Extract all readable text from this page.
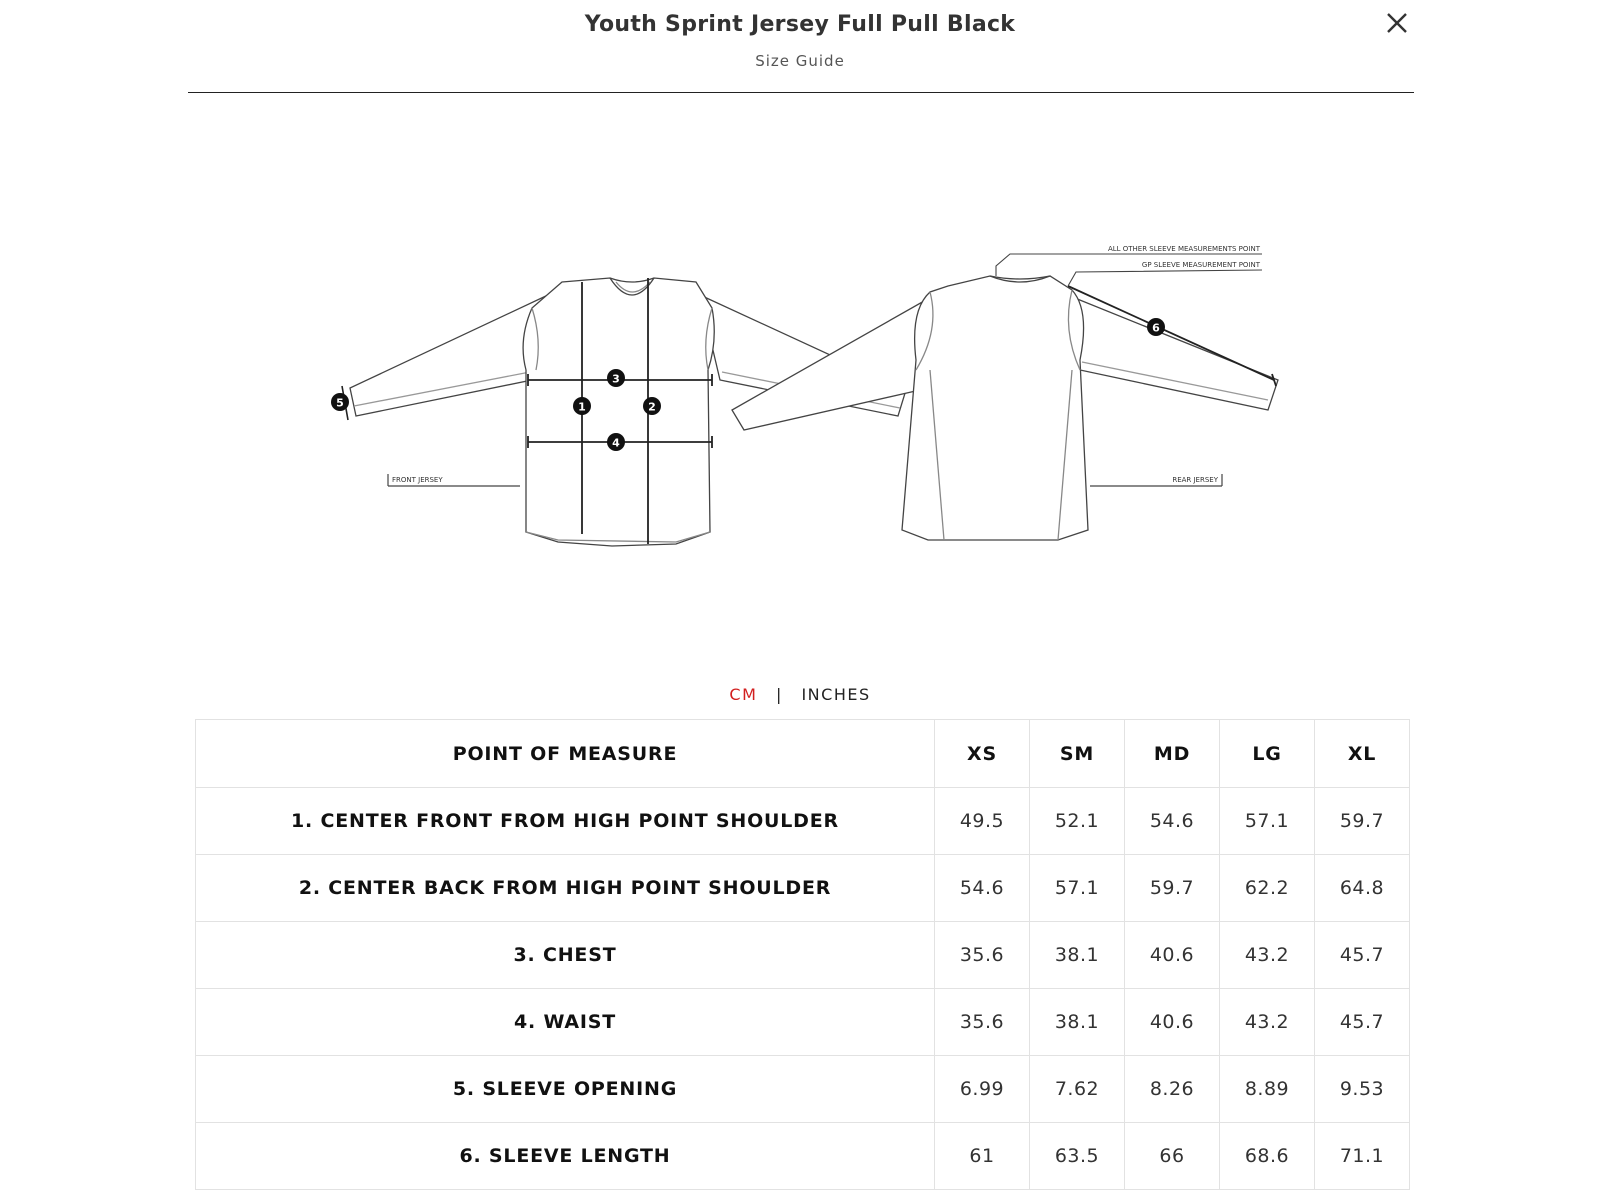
Youth Sprint Jersey Full Pull Black
Size Guide
1	2
3
4
5
FRONT JERSEY
6
ALL OTHER SLEEVE MEASUREMENTS POINT
GP SLEEVE MEASUREMENT POINT
REAR JERSEY
CM | INCHES
POINT OF MEASURE	XS	SM	MD	LG	XL
1. CENTER FRONT FROM HIGH POINT SHOULDER	49.5	52.1	54.6	57.1	59.7
2. CENTER BACK FROM HIGH POINT SHOULDER	54.6	57.1	59.7	62.2	64.8
3. CHEST	35.6	38.1	40.6	43.2	45.7
4. WAIST	35.6	38.1	40.6	43.2	45.7
5. SLEEVE OPENING	6.99	7.62	8.26	8.89	9.53
6. SLEEVE LENGTH	61	63.5	66	68.6	71.1
